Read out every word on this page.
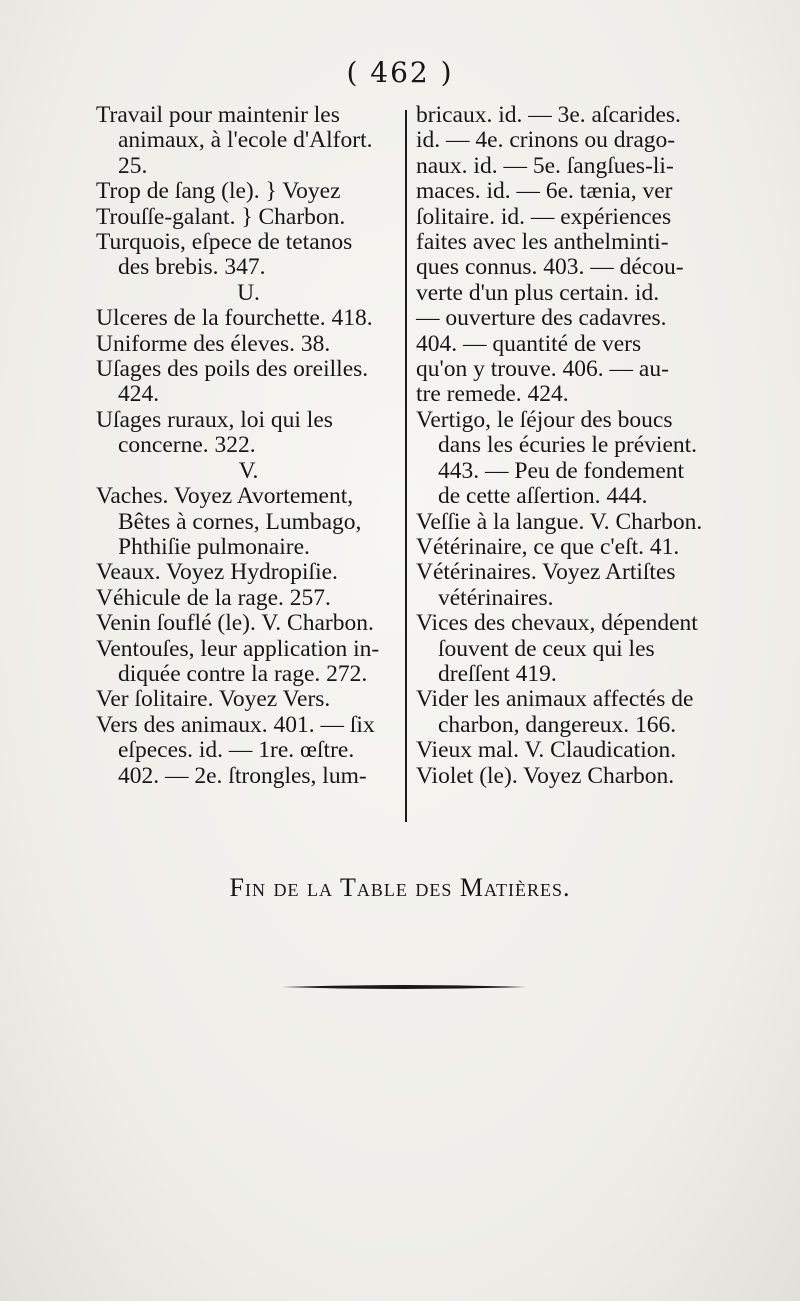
( 462 )

Travail pour maintenir les

animaux, à l'ecole d'Alfort.

25.

Trop de ſang (le). } Voyez

Trouſſe-galant. } Charbon.

Turquois, eſpece de tetanos

des brebis. 347.

U.

Ulceres de la fourchette. 418.

Uniforme des éleves. 38.

Uſages des poils des oreilles.

424.

Uſages ruraux, loi qui les

concerne. 322.

V.

Vaches. Voyez Avortement,

Bêtes à cornes, Lumbago,

Phthiſie pulmonaire.

Veaux. Voyez Hydropiſie.

Véhicule de la rage. 257.

Venin ſouflé (le). V. Charbon.

Ventouſes, leur application in-

diquée contre la rage. 272.

Ver ſolitaire. Voyez Vers.

Vers des animaux. 401. — ſix

eſpeces. id. — 1re. œſtre.

402. — 2e. ſtrongles, lum-

bricaux. id. — 3e. aſcarides.

id. — 4e. crinons ou drago-

naux. id. — 5e. ſangſues-li-

maces. id. — 6e. tænia, ver

ſolitaire. id. — expériences

faites avec les anthelminti-

ques connus. 403. — décou-

verte d'un plus certain. id.

— ouverture des cadavres.

404. — quantité de vers

qu'on y trouve. 406. — au-

tre remede. 424.

Vertigo, le ſéjour des boucs

dans les écuries le prévient.

443. — Peu de fondement

de cette aſſertion. 444.

Veſſie à la langue. V. Charbon.

Vétérinaire, ce que c'eſt. 41.

Vétérinaires. Voyez Artiſtes

vétérinaires.

Vices des chevaux, dépendent

ſouvent de ceux qui les

dreſſent 419.

Vider les animaux affectés de

charbon, dangereux. 166.

Vieux mal. V. Claudication.

Violet (le). Voyez Charbon.

Fin de la Table des Matières.
